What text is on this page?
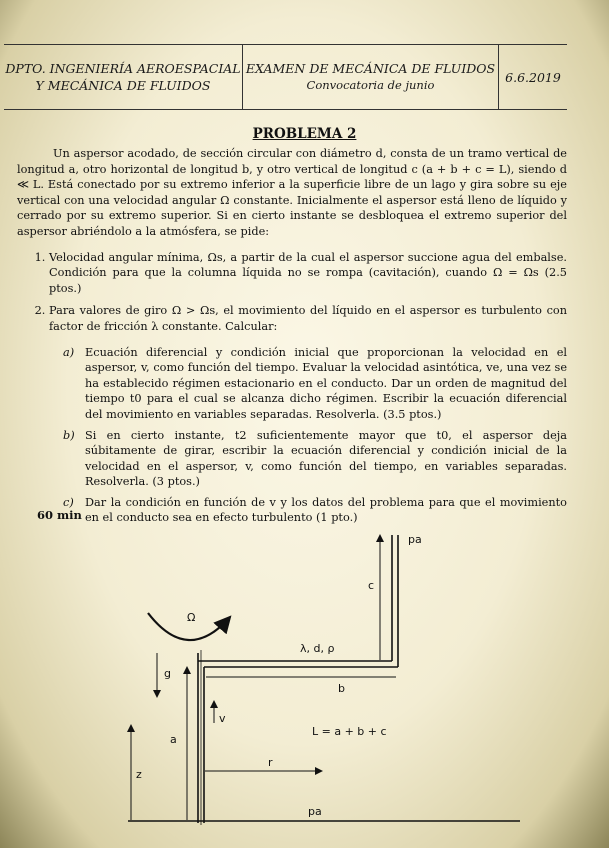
DPTO. INGENIERÍA AEROESPACIAL
Y MECÁNICA DE FLUIDOS
EXAMEN DE MECÁNICA DE FLUIDOS
Convocatoria de junio
6.6.2019
PROBLEMA 2

Un aspersor acodado, de sección circular con diámetro d, consta de un tramo vertical de longitud a, otro horizontal de longitud b, y otro vertical de longitud c (a + b + c = L), siendo d ≪ L. Está conectado por su extremo inferior a la superficie libre de un lago y gira sobre su eje vertical con una velocidad angular Ω constante. Inicialmente el aspersor está lleno de líquido y cerrado por su extremo superior. Si en cierto instante se desbloquea el extremo superior del aspersor abriéndolo a la atmósfera, se pide:

1. Velocidad angular mínima, Ωs, a partir de la cual el aspersor succione agua del embalse. Condición para que la columna líquida no se rompa (cavitación), cuando Ω = Ωs (2.5 ptos.)
2. Para valores de giro Ω > Ωs, el movimiento del líquido en el aspersor es turbulento con factor de fricción λ constante. Calcular:
a) Ecuación diferencial y condición inicial que proporcionan la velocidad en el aspersor, v, como función del tiempo. Evaluar la velocidad asintótica, ve, una vez se ha establecido régimen estacionario en el conducto. Dar un orden de magnitud del tiempo t0 para el cual se alcanza dicho régimen. Escribir la ecuación diferencial del movimiento en variables separadas. Resolverla. (3.5 ptos.)
b) Si en cierto instante, t2 suficientemente mayor que t0, el aspersor deja súbitamente de girar, escribir la ecuación diferencial y condición inicial de la velocidad en el aspersor, v, como función del tiempo, en variables separadas. Resolverla. (3 ptos.)
c) Dar la condición en función de v y los datos del problema para que el movimiento en el conducto sea en efecto turbulento (1 pto.)
60 min
c
pa
Ω
λ, d, ρ
g
b
a
v
z
r
L = a + b + c
pa
